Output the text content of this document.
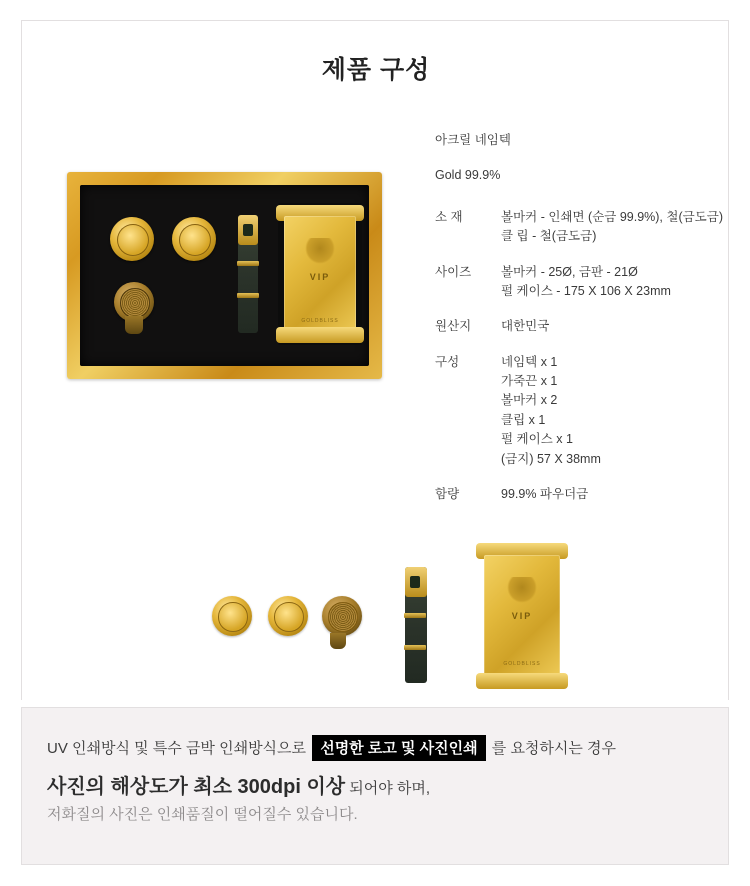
제품 구성
VIP
GOLDBLISS
아크릴 네임텍
Gold 99.9%
소 재	볼마커 - 인쇄면 (순금 99.9%), 철(금도금)
클 립 - 철(금도금)
사이즈	볼마커 - 25Ø, 금판 - 21Ø
펄 케이스 - 175 X 106 X 23mm
원산지	대한민국
구성	네임텍 x 1
가죽끈 x 1
볼마커 x 2
클립 x 1
펄 케이스 x 1
(금지) 57 X 38mm
함량	99.9% 파우더금
VIP
GOLDBLISS
UV 인쇄방식 및 특수 금박 인쇄방식으로 선명한 로고 및 사진인쇄 를 요청하시는 경우
사진의 해상도가 최소 300dpi 이상 되어야 하며,
저화질의 사진은 인쇄품질이 떨어질수 있습니다.
